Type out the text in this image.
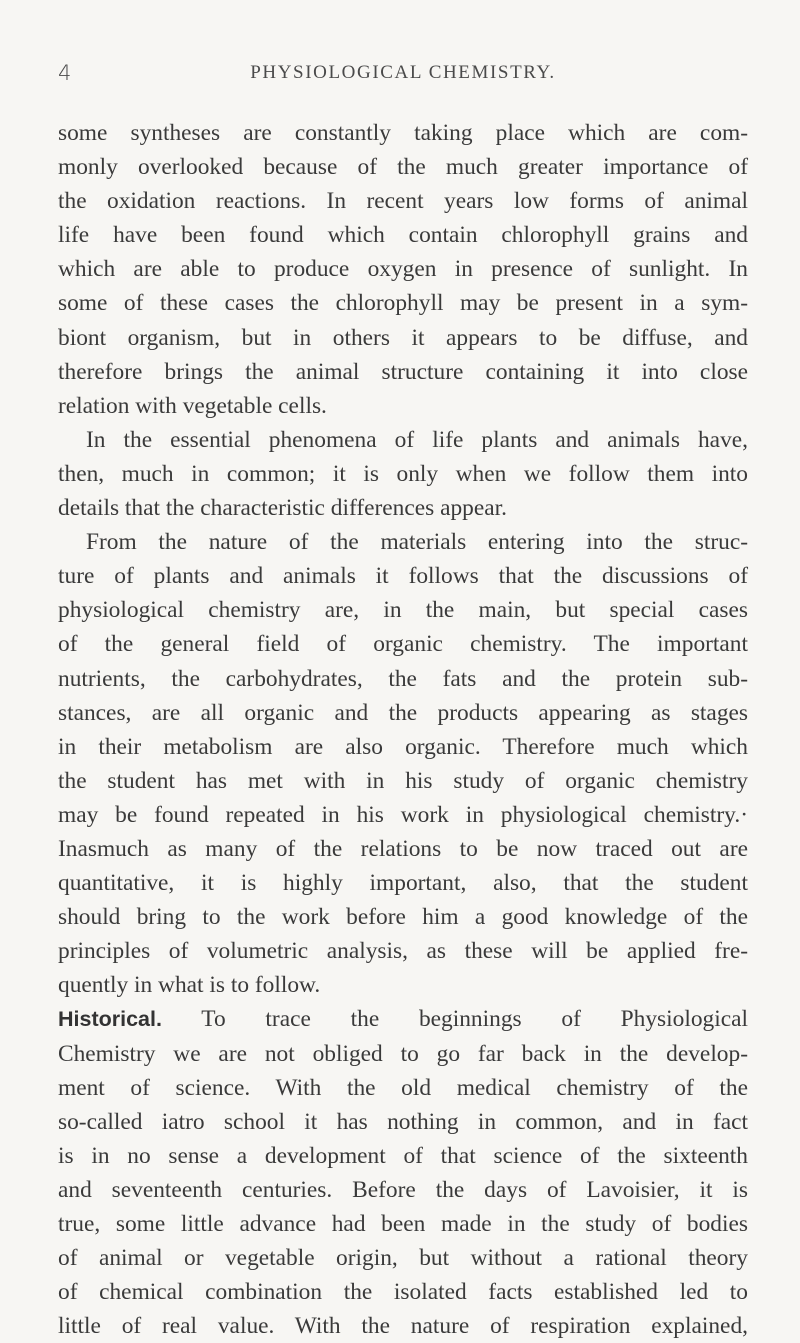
4	PHYSIOLOGICAL CHEMISTRY.
some syntheses are constantly taking place which are com-
monly overlooked because of the much greater importance of
the oxidation reactions. In recent years low forms of animal
life have been found which contain chlorophyll grains and
which are able to produce oxygen in presence of sunlight. In
some of these cases the chlorophyll may be present in a sym-
biont organism, but in others it appears to be diffuse, and
therefore brings the animal structure containing it into close
relation with vegetable cells.
In the essential phenomena of life plants and animals have,
then, much in common; it is only when we follow them into
details that the characteristic differences appear.
From the nature of the materials entering into the struc-
ture of plants and animals it follows that the discussions of
physiological chemistry are, in the main, but special cases
of the general field of organic chemistry. The important
nutrients, the carbohydrates, the fats and the protein sub-
stances, are all organic and the products appearing as stages
in their metabolism are also organic. Therefore much which
the student has met with in his study of organic chemistry
may be found repeated in his work in physiological chemistry.·
Inasmuch as many of the relations to be now traced out are
quantitative, it is highly important, also, that the student
should bring to the work before him a good knowledge of the
principles of volumetric analysis, as these will be applied fre-
quently in what is to follow.
Historical. To trace the beginnings of Physiological
Chemistry we are not obliged to go far back in the develop-
ment of science. With the old medical chemistry of the
so-called iatro school it has nothing in common, and in fact
is in no sense a development of that science of the sixteenth
and seventeenth centuries. Before the days of Lavoisier, it is
true, some little advance had been made in the study of bodies
of animal or vegetable origin, but without a rational theory
of chemical combination the isolated facts established led to
little of real value. With the nature of respiration explained,
